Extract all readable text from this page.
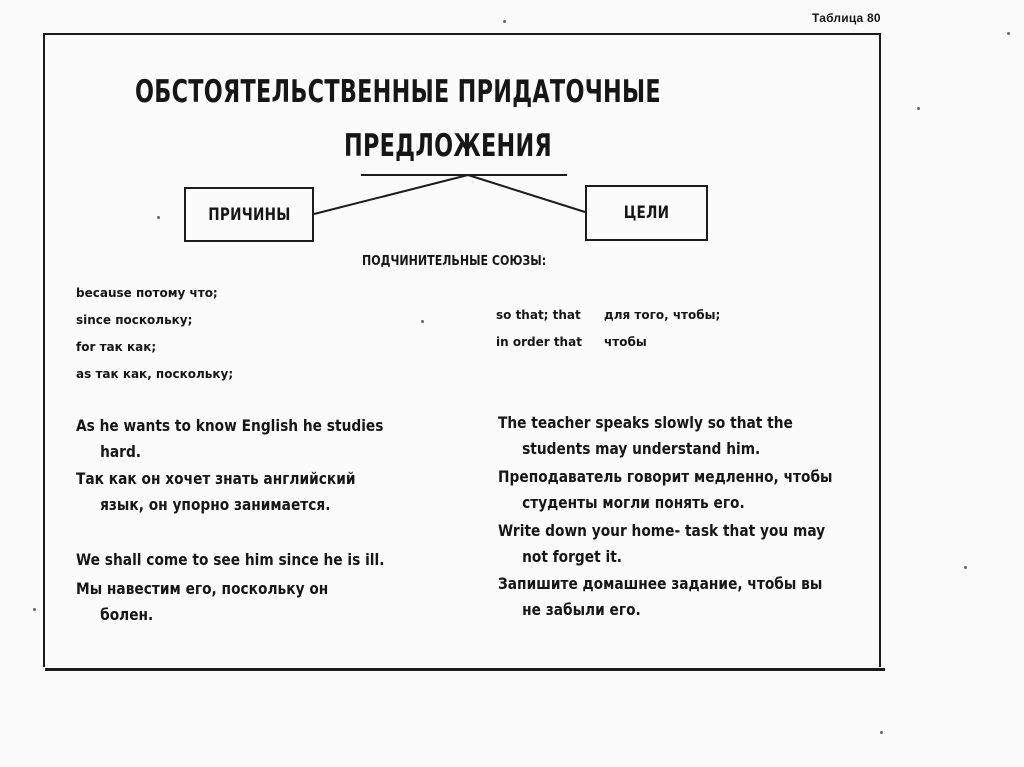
Таблица 80
ОБСТОЯТЕЛЬСТВЕННЫЕ ПРИДАТОЧНЫЕ
ПРЕДЛОЖЕНИЯ
ПРИЧИНЫ	ЦЕЛИ
ПОДЧИНИТЕЛЬНЫЕ СОЮЗЫ:
because потому что;
since поскольку;
for так как;
as так как, поскольку;
so that; that для того, чтобы;
in order that чтобы
As he wants to know English he studies
hard.
Так как он хочет знать английский
язык, он упорно занимается.
We shall come to see him since he is ill.
Мы навестим его, поскольку он
болен.
The teacher speaks slowly so that the
students may understand him.
Преподаватель говорит медленно, чтобы
студенты могли понять его.
Write down your home- task that you may
not forget it.
Запишите домашнее задание, чтобы вы
не забыли его.
